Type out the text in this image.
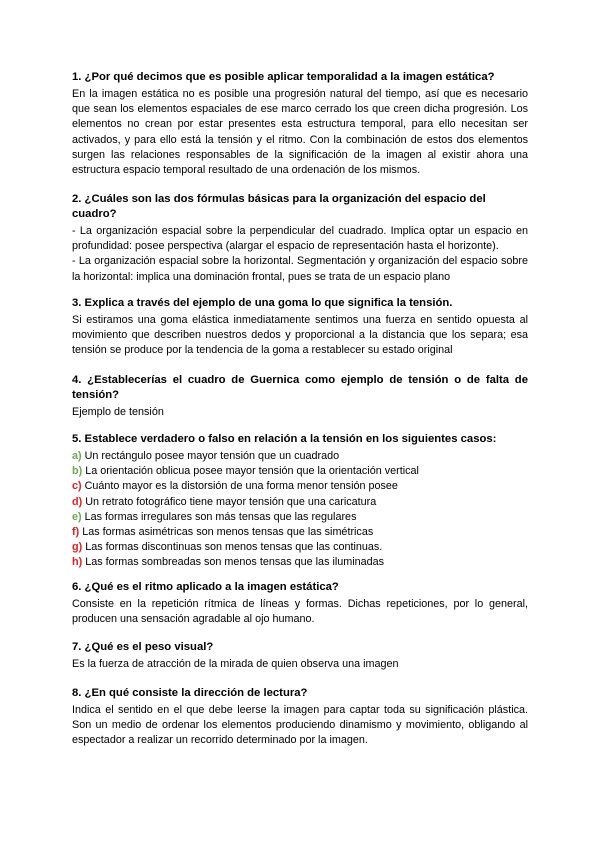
1. ¿Por qué decimos que es posible aplicar temporalidad a la imagen estática?

En la imagen estática no es posible una progresión natural del tiempo, así que es necesario que sean los elementos espaciales de ese marco cerrado los que creen dicha progresión. Los elementos no crean por estar presentes esta estructura temporal, para ello necesitan ser activados, y para ello está la tensión y el ritmo. Con la combinación de estos dos elementos surgen las relaciones responsables de la significación de la imagen al existir ahora una estructura espacio temporal resultado de una ordenación de los mismos.

2. ¿Cuáles son las dos fórmulas básicas para la organización del espacio del cuadro?

- La organización espacial sobre la perpendicular del cuadrado. Implica optar un espacio en profundidad: posee perspectiva (alargar el espacio de representación hasta el horizonte).

- La organización espacial sobre la horizontal. Segmentación y organización del espacio sobre la horizontal: implica una dominación frontal, pues se trata de un espacio plano

3. Explica a través del ejemplo de una goma lo que significa la tensión.

Si estiramos una goma elástica inmediatamente sentimos una fuerza en sentido opuesta al movimiento que describen nuestros dedos y proporcional a la distancia que los separa; esa tensión se produce por la tendencia de la goma a restablecer su estado original

4. ¿Establecerías el cuadro de Guernica como ejemplo de tensión o de falta de tensión?

Ejemplo de tensión

5. Establece verdadero o falso en relación a la tensión en los siguientes casos:

a) Un rectángulo posee mayor tensión que un cuadrado
b) La orientación oblicua posee mayor tensión que la orientación vertical
c) Cuánto mayor es la distorsión de una forma menor tensión posee
d) Un retrato fotográfico tiene mayor tensión que una caricatura
e) Las formas irregulares son más tensas que las regulares
f) Las formas asimétricas son menos tensas que las simétricas
g) Las formas discontinuas son menos tensas que las continuas.
h) Las formas sombreadas son menos tensas que las iluminadas

6. ¿Qué es el ritmo aplicado a la imagen estática?

Consiste en la repetición rítmica de líneas y formas. Dichas repeticiones, por lo general, producen una sensación agradable al ojo humano.

7. ¿Qué es el peso visual?

Es la fuerza de atracción de la mirada de quien observa una imagen

8. ¿En qué consiste la dirección de lectura?

Indica el sentido en el que debe leerse la imagen para captar toda su significación plástica. Son un medio de ordenar los elementos produciendo dinamismo y movimiento, obligando al espectador a realizar un recorrido determinado por la imagen.
